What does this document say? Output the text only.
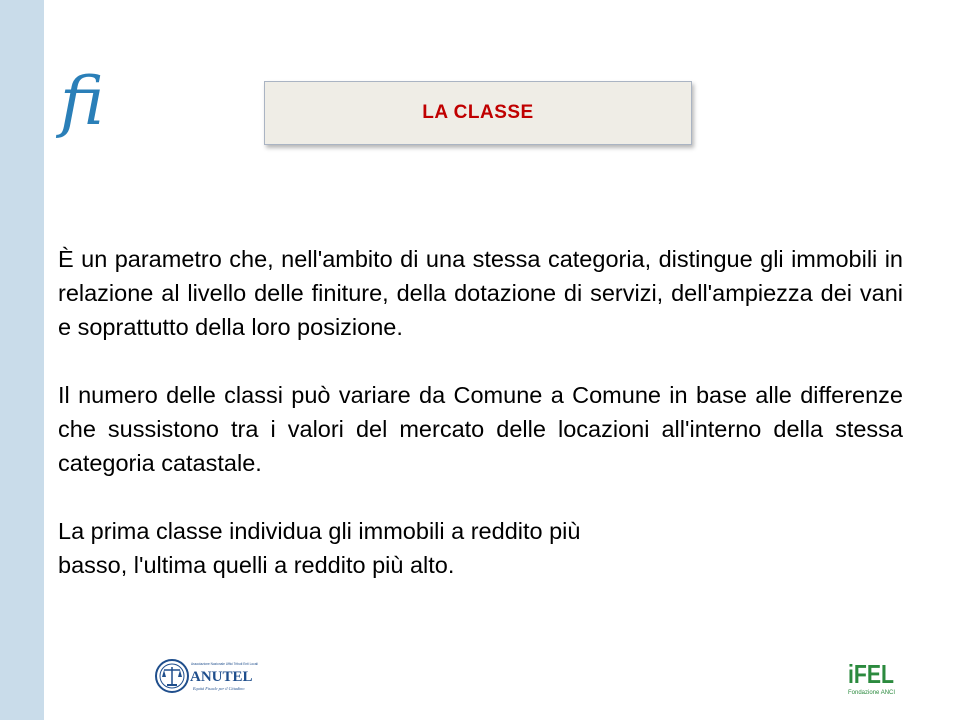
fi	LA CLASSE

È un parametro che, nell'ambito di una stessa categoria, distingue gli immobili in relazione al livello delle finiture, della dotazione di servizi, dell'ampiezza dei vani e soprattutto della loro posizione.

Il numero delle classi può variare da Comune a Comune in base alle differenze che sussistono tra i valori del mercato delle locazioni all'interno della stessa categoria catastale.

La prima classe individua gli immobili a reddito più
basso, l'ultima quelli a reddito più alto.

Associazione Nazionale Uffici Tributi Enti Locali
ANUTEL
Equità Fiscale per il Cittadino	iFEL
Fondazione ANCI
